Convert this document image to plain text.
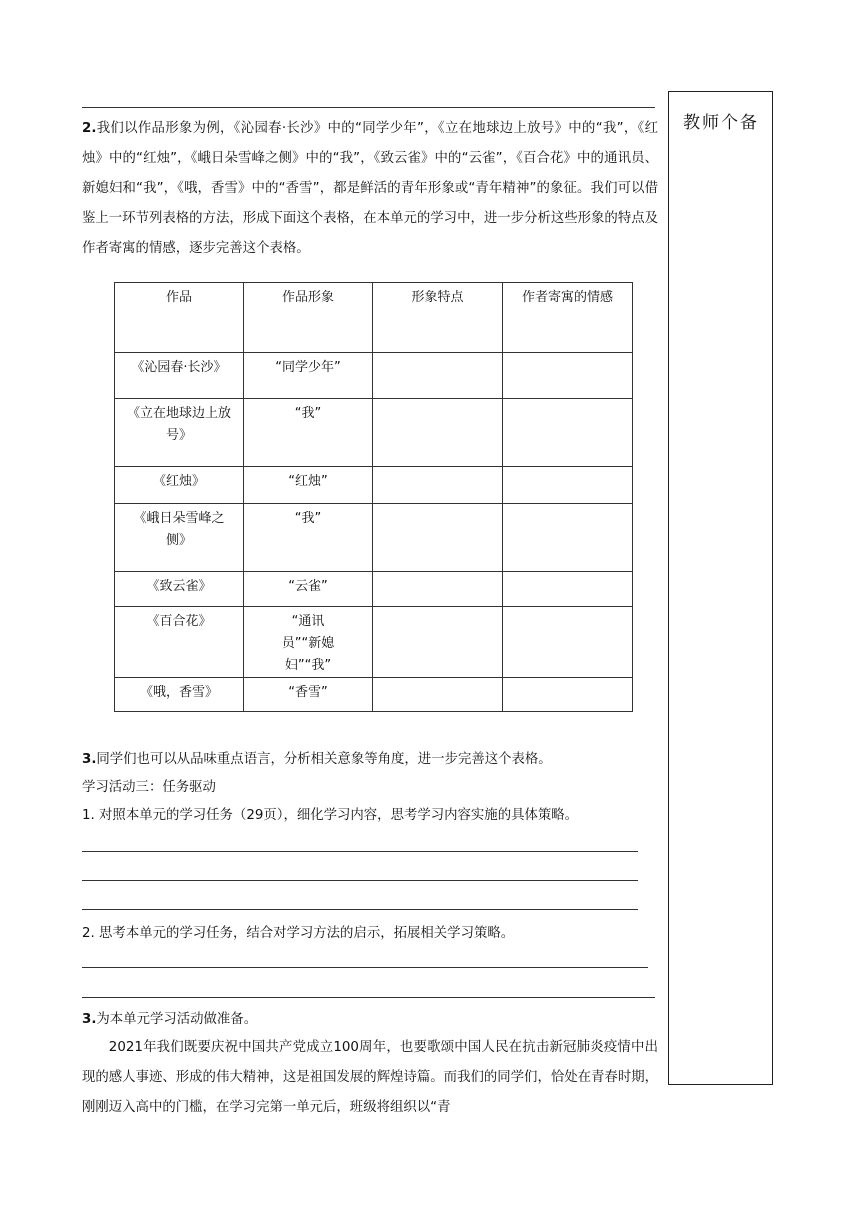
教师个备
2.我们以作品形象为例，《沁园春·长沙》中的“同学少年”，《立在地球边上放号》中的“我”，《红烛》中的“红烛”，《峨日朵雪峰之侧》中的“我”，《致云雀》中的“云雀”，《百合花》中的通讯员、新媳妇和“我”，《哦，香雪》中的“香雪”，都是鲜活的青年形象或“青年精神”的象征。我们可以借鉴上一环节列表格的方法，形成下面这个表格，在本单元的学习中，进一步分析这些形象的特点及作者寄寓的情感，逐步完善这个表格。
作品	作品形象	形象特点	作者寄寓的情感
《沁园春·长沙》	“同学少年”		
《立在地球边上放号》	“我”		
《红烛》	“红烛”		
《峨日朵雪峰之侧》	“我”		
《致云雀》	“云雀”		
《百合花》	“通讯员”“新媳妇”“我”		
《哦，香雪》	“香雪”		
3.同学们也可以从品味重点语言，分析相关意象等角度，进一步完善这个表格。
学习活动三：任务驱动
1. 对照本单元的学习任务（29页），细化学习内容，思考学习内容实施的具体策略。
2. 思考本单元的学习任务，结合对学习方法的启示，拓展相关学习策略。
3.为本单元学习活动做准备。
2021年我们既要庆祝中国共产党成立100周年，也要歌颂中国人民在抗击新冠肺炎疫情中出现的感人事迹、形成的伟大精神，这是祖国发展的辉煌诗篇。而我们的同学们，恰处在青春时期，刚刚迈入高中的门槛，在学习完第一单元后，班级将组织以“青
